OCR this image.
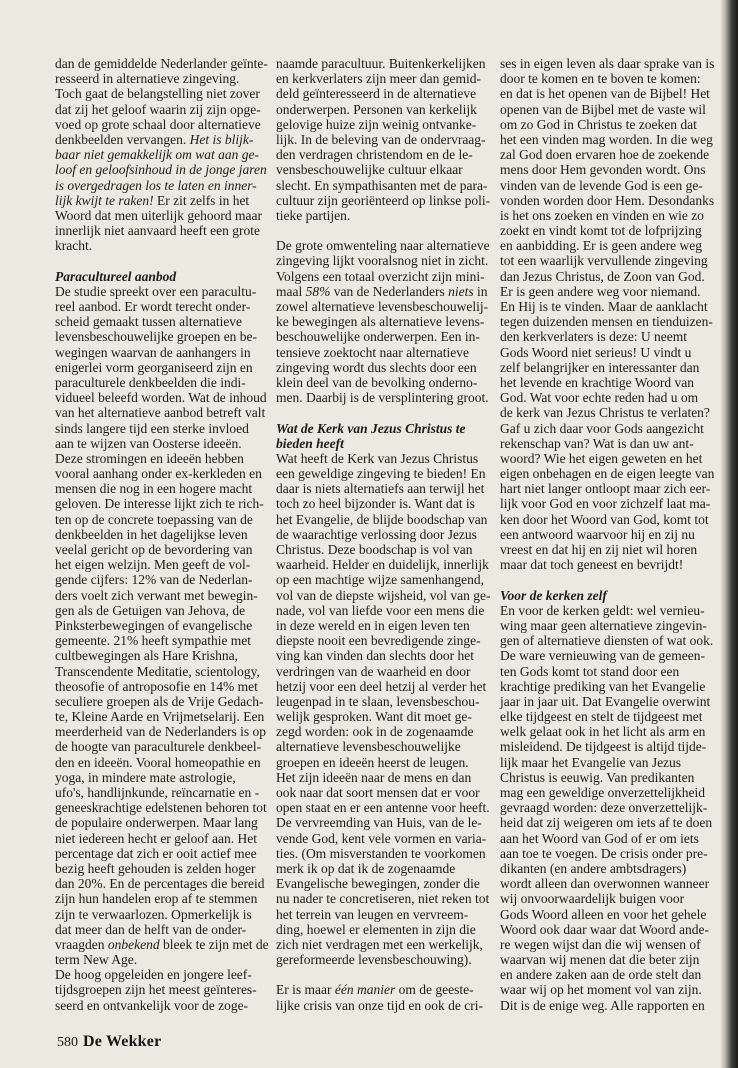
dan de gemiddelde Nederlander geïnte-
resseerd in alternatieve zingeving.
Toch gaat de belangstelling niet zover
dat zij het geloof waarin zij zijn opge-
voed op grote schaal door alternatieve
denkbeelden vervangen. Het is blijk-
baar niet gemakkelijk om wat aan ge-
loof en geloofsinhoud in de jonge jaren
is overgedragen los te laten en inner-
lijk kwijt te raken! Er zit zelfs in het
Woord dat men uiterlijk gehoord maar
innerlijk niet aanvaard heeft een grote
kracht.
Paracultureel aanbod
De studie spreekt over een paracultu-
reel aanbod. Er wordt terecht onder-
scheid gemaakt tussen alternatieve
levensbeschouwelijke groepen en be-
wegingen waarvan de aanhangers in
enigerlei vorm georganiseerd zijn en
paraculturele denkbeelden die indi-
vidueel beleefd worden. Wat de inhoud
van het alternatieve aanbod betreft valt
sinds langere tijd een sterke invloed
aan te wijzen van Oosterse ideeën.
Deze stromingen en ideeën hebben
vooral aanhang onder ex-kerkleden en
mensen die nog in een hogere macht
geloven. De interesse lijkt zich te rich-
ten op de concrete toepassing van de
denkbeelden in het dagelijkse leven
veelal gericht op de bevordering van
het eigen welzijn. Men geeft de vol-
gende cijfers: 12% van de Nederlan-
ders voelt zich verwant met bewegin-
gen als de Getuigen van Jehova, de
Pinksterbewegingen of evangelische
gemeente. 21% heeft sympathie met
cultbewegingen als Hare Krishna,
Transcendente Meditatie, scientology,
theosofie of antroposofie en 14% met
seculiere groepen als de Vrije Gedach-
te, Kleine Aarde en Vrijmetselarij. Een
meerderheid van de Nederlanders is op
de hoogte van paraculturele denkbeel-
den en ideeën. Vooral homeopathie en
yoga, in mindere mate astrologie,
ufo's, handlijnkunde, reïncarnatie en -
geneeskrachtige edelstenen behoren tot
de populaire onderwerpen. Maar lang
niet iedereen hecht er geloof aan. Het
percentage dat zich er ooit actief mee
bezig heeft gehouden is zelden hoger
dan 20%. En de percentages die bereid
zijn hun handelen erop af te stemmen
zijn te verwaarlozen. Opmerkelijk is
dat meer dan de helft van de onder-
vraagden onbekend bleek te zijn met de
term New Age.
De hoog opgeleiden en jongere leef-
tijdsgroepen zijn het meest geïnteres-
seerd en ontvankelijk voor de zoge-
naamde paracultuur. Buitenkerkelijken
en kerkverlaters zijn meer dan gemid-
deld geïnteresseerd in de alternatieve
onderwerpen. Personen van kerkelijk
gelovige huize zijn weinig ontvanke-
lijk. In de beleving van de ondervraag-
den verdragen christendom en de le-
vensbeschouwelijke cultuur elkaar
slecht. En sympathisanten met de para-
cultuur zijn georiënteerd op linkse poli-
tieke partijen.
De grote omwenteling naar alternatieve
zingeving lijkt vooralsnog niet in zicht.
Volgens een totaal overzicht zijn mini-
maal 58% van de Nederlanders niets in
zowel alternatieve levensbeschouwelij-
ke bewegingen als alternatieve levens-
beschouwelijke onderwerpen. Een in-
tensieve zoektocht naar alternatieve
zingeving wordt dus slechts door een
klein deel van de bevolking onderno-
men. Daarbij is de versplintering groot.
Wat de Kerk van Jezus Christus te
bieden heeft
Wat heeft de Kerk van Jezus Christus
een geweldige zingeving te bieden! En
daar is niets alternatiefs aan terwijl het
toch zo heel bijzonder is. Want dat is
het Evangelie, de blijde boodschap van
de waarachtige verlossing door Jezus
Christus. Deze boodschap is vol van
waarheid. Helder en duidelijk, innerlijk
op een machtige wijze samenhangend,
vol van de diepste wijsheid, vol van ge-
nade, vol van liefde voor een mens die
in deze wereld en in eigen leven ten
diepste nooit een bevredigende zinge-
ving kan vinden dan slechts door het
verdringen van de waarheid en door
hetzij voor een deel hetzij al verder het
leugenpad in te slaan, levensbeschou-
welijk gesproken. Want dit moet ge-
zegd worden: ook in de zogenaamde
alternatieve levensbeschouwelijke
groepen en ideeën heerst de leugen.
Het zijn ideeën naar de mens en dan
ook naar dat soort mensen dat er voor
open staat en er een antenne voor heeft.
De vervreemding van Huis, van de le-
vende God, kent vele vormen en varia-
ties. (Om misverstanden te voorkomen
merk ik op dat ik de zogenaamde
Evangelische bewegingen, zonder die
nu nader te concretiseren, niet reken tot
het terrein van leugen en vervreem-
ding, hoewel er elementen in zijn die
zich niet verdragen met een werkelijk,
gereformeerde levensbeschouwing).
Er is maar één manier om de geeste-
lijke crisis van onze tijd en ook de cri-
ses in eigen leven als daar sprake van is
door te komen en te boven te komen:
en dat is het openen van de Bijbel! Het
openen van de Bijbel met de vaste wil
om zo God in Christus te zoeken dat
het een vinden mag worden. In die weg
zal God doen ervaren hoe de zoekende
mens door Hem gevonden wordt. Ons
vinden van de levende God is een ge-
vonden worden door Hem. Desondanks
is het ons zoeken en vinden en wie zo
zoekt en vindt komt tot de lofprijzing
en aanbidding. Er is geen andere weg
tot een waarlijk vervullende zingeving
dan Jezus Christus, de Zoon van God.
Er is geen andere weg voor niemand.
En Hij is te vinden. Maar de aanklacht
tegen duizenden mensen en tienduizen-
den kerkverlaters is deze: U neemt
Gods Woord niet serieus! U vindt u
zelf belangrijker en interessanter dan
het levende en krachtige Woord van
God. Wat voor echte reden had u om
de kerk van Jezus Christus te verlaten?
Gaf u zich daar voor Gods aangezicht
rekenschap van? Wat is dan uw ant-
woord? Wie het eigen geweten en het
eigen onbehagen en de eigen leegte van
hart niet langer ontloopt maar zich eer-
lijk voor God en voor zichzelf laat ma-
ken door het Woord van God, komt tot
een antwoord waarvoor hij en zij nu
vreest en dat hij en zij niet wil horen
maar dat toch geneest en bevrijdt!
Voor de kerken zelf
En voor de kerken geldt: wel vernieu-
wing maar geen alternatieve zingevin-
gen of alternatieve diensten of wat ook.
De ware vernieuwing van de gemeen-
ten Gods komt tot stand door een
krachtige prediking van het Evangelie
jaar in jaar uit. Dat Evangelie overwint
elke tijdgeest en stelt de tijdgeest met
welk gelaat ook in het licht als arm en
misleidend. De tijdgeest is altijd tijde-
lijk maar het Evangelie van Jezus
Christus is eeuwig. Van predikanten
mag een geweldige onverzettelijkheid
gevraagd worden: deze onverzettelijk-
heid dat zij weigeren om iets af te doen
aan het Woord van God of er om iets
aan toe te voegen. De crisis onder pre-
dikanten (en andere ambtsdragers)
wordt alleen dan overwonnen wanneer
wij onvoorwaardelijk buigen voor
Gods Woord alleen en voor het gehele
Woord ook daar waar dat Woord ande-
re wegen wijst dan die wij wensen of
waarvan wij menen dat die beter zijn
en andere zaken aan de orde stelt dan
waar wij op het moment vol van zijn.
Dit is de enige weg. Alle rapporten en
580 De Wekker
